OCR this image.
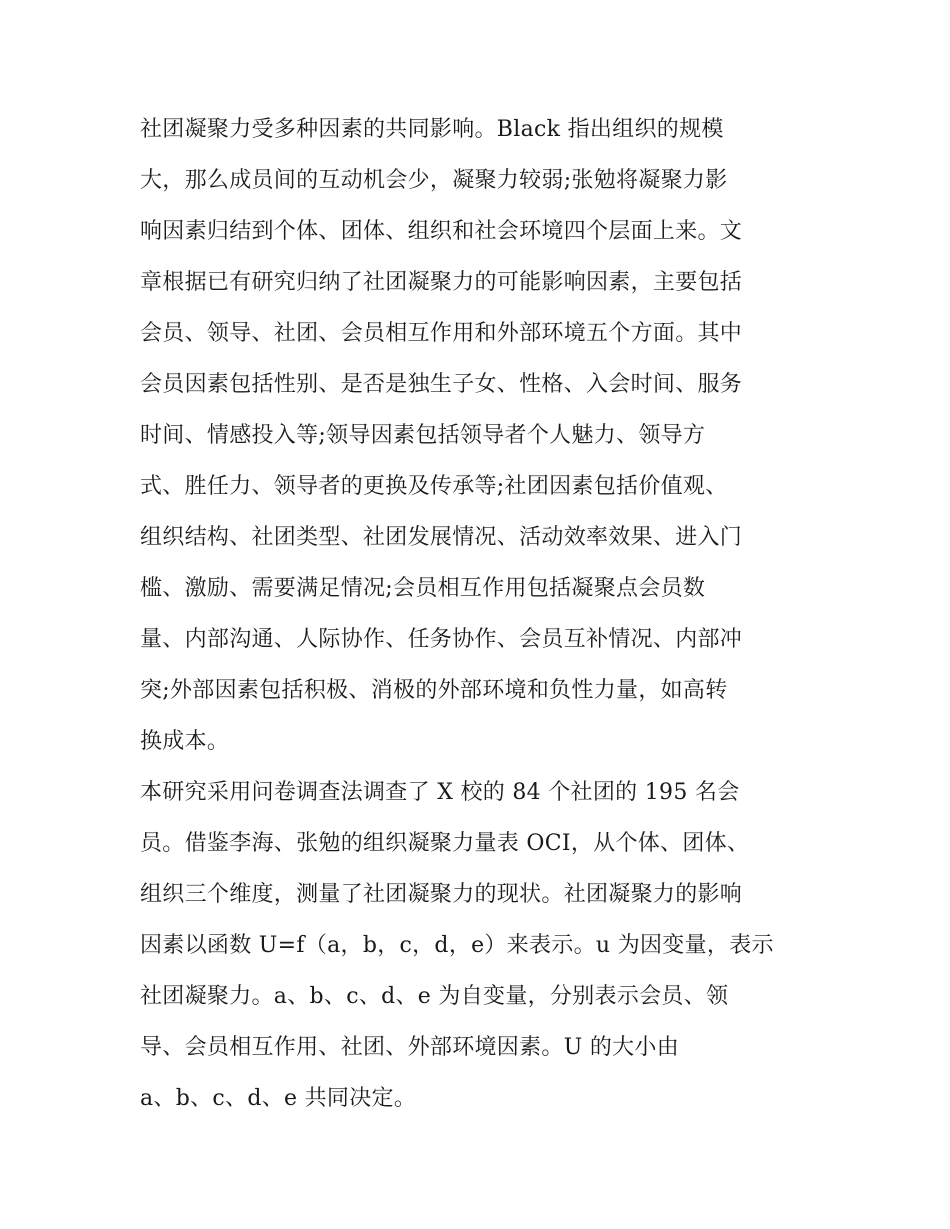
社团凝聚力受多种因素的共同影响。Black 指出组织的规模
大，那么成员间的互动机会少，凝聚力较弱;张勉将凝聚力影
响因素归结到个体、团体、组织和社会环境四个层面上来。文
章根据已有研究归纳了社团凝聚力的可能影响因素，主要包括
会员、领导、社团、会员相互作用和外部环境五个方面。其中
会员因素包括性别、是否是独生子女、性格、入会时间、服务
时间、情感投入等;领导因素包括领导者个人魅力、领导方
式、胜任力、领导者的更换及传承等;社团因素包括价值观、
组织结构、社团类型、社团发展情况、活动效率效果、进入门
槛、激励、需要满足情况;会员相互作用包括凝聚点会员数
量、内部沟通、人际协作、任务协作、会员互补情况、内部冲
突;外部因素包括积极、消极的外部环境和负性力量，如高转
换成本。
本研究采用问卷调查法调查了 X 校的 84 个社团的 195 名会
员。借鉴李海、张勉的组织凝聚力量表 OCI，从个体、团体、
组织三个维度，测量了社团凝聚力的现状。社团凝聚力的影响
因素以函数 U=f（a，b，c，d，e）来表示。u 为因变量，表示
社团凝聚力。a、b、c、d、e 为自变量，分别表示会员、领
导、会员相互作用、社团、外部环境因素。U 的大小由
a、b、c、d、e 共同决定。
